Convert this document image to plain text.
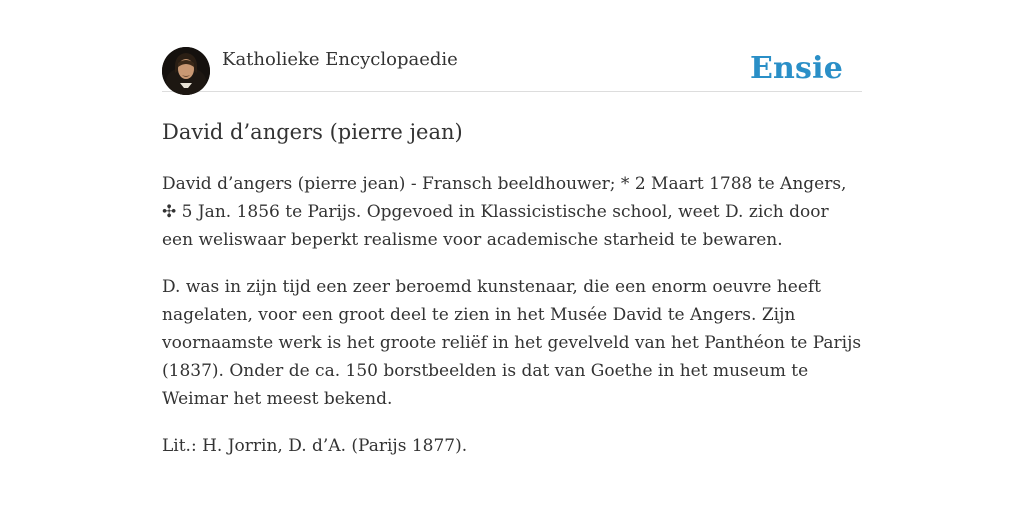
Katholieke Encyclopaedie	Ensie
David d’angers (pierre jean)

David d’angers (pierre jean) - Fransch beeldhouwer; * 2 Maart 1788 te Angers, ✣ 5 Jan. 1856 te Parijs. Opgevoed in Klassicistische school, weet D. zich door een weliswaar beperkt realisme voor academische starheid te bewaren.

D. was in zijn tijd een zeer beroemd kunstenaar, die een enorm oeuvre heeft nagelaten, voor een groot deel te zien in het Musée David te Angers. Zijn voornaamste werk is het groote reliëf in het gevelveld van het Panthéon te Parijs (1837). Onder de ca. 150 borstbeelden is dat van Goethe in het museum te Weimar het meest bekend.

Lit.: H. Jorrin, D. d’A. (Parijs 1877).
